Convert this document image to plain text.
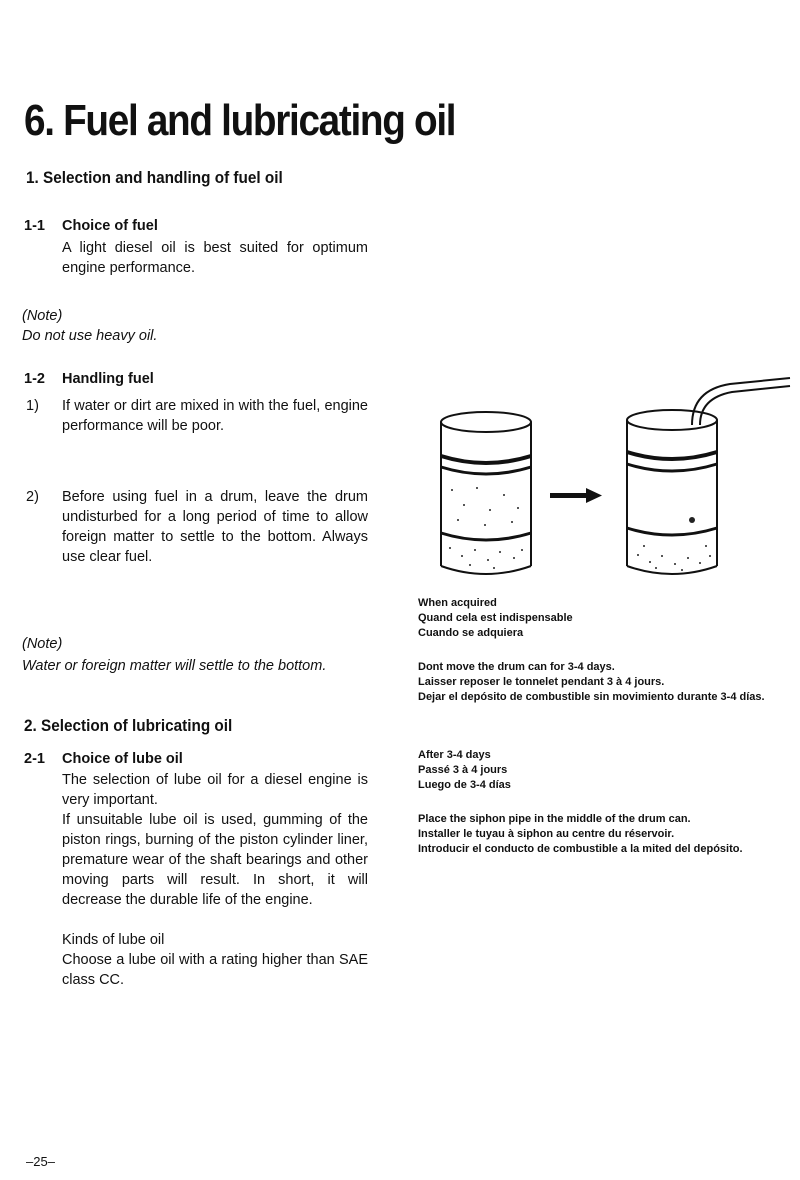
6. Fuel and lubricating oil
1. Selection and handling of fuel oil
1-1 Choice of fuel
A light diesel oil is best suited for optimum engine performance.
(Note)
Do not use heavy oil.
1-2 Handling fuel
1) If water or dirt are mixed in with the fuel, engine performance will be poor.
2) Before using fuel in a drum, leave the drum undisturbed for a long period of time to allow foreign matter to settle to the bottom. Always use clear fuel.
(Note)
Water or foreign matter will settle to the bottom.
2. Selection of lubricating oil
2-1 Choice of lube oil
The selection of lube oil for a diesel engine is very important.
If unsuitable lube oil is used, gumming of the piston rings, burning of the piston cylinder liner, premature wear of the shaft bearings and other moving parts will result. In short, it will decrease the durable life of the engine.
Kinds of lube oil
Choose a lube oil with a rating higher than SAE class CC.
When acquired
Quand cela est indispensable
Cuando se adquiera
Dont move the drum can for 3-4 days.
Laisser reposer le tonnelet pendant 3 à 4 jours.
Dejar el depósito de combustible sin movimiento durante 3-4 días.
After 3-4 days
Passé 3 à 4 jours
Luego de 3-4 días
Place the siphon pipe in the middle of the drum can.
Installer le tuyau à siphon au centre du réservoir.
Introducir el conducto de combustible a la mited del depósito.
–25–
